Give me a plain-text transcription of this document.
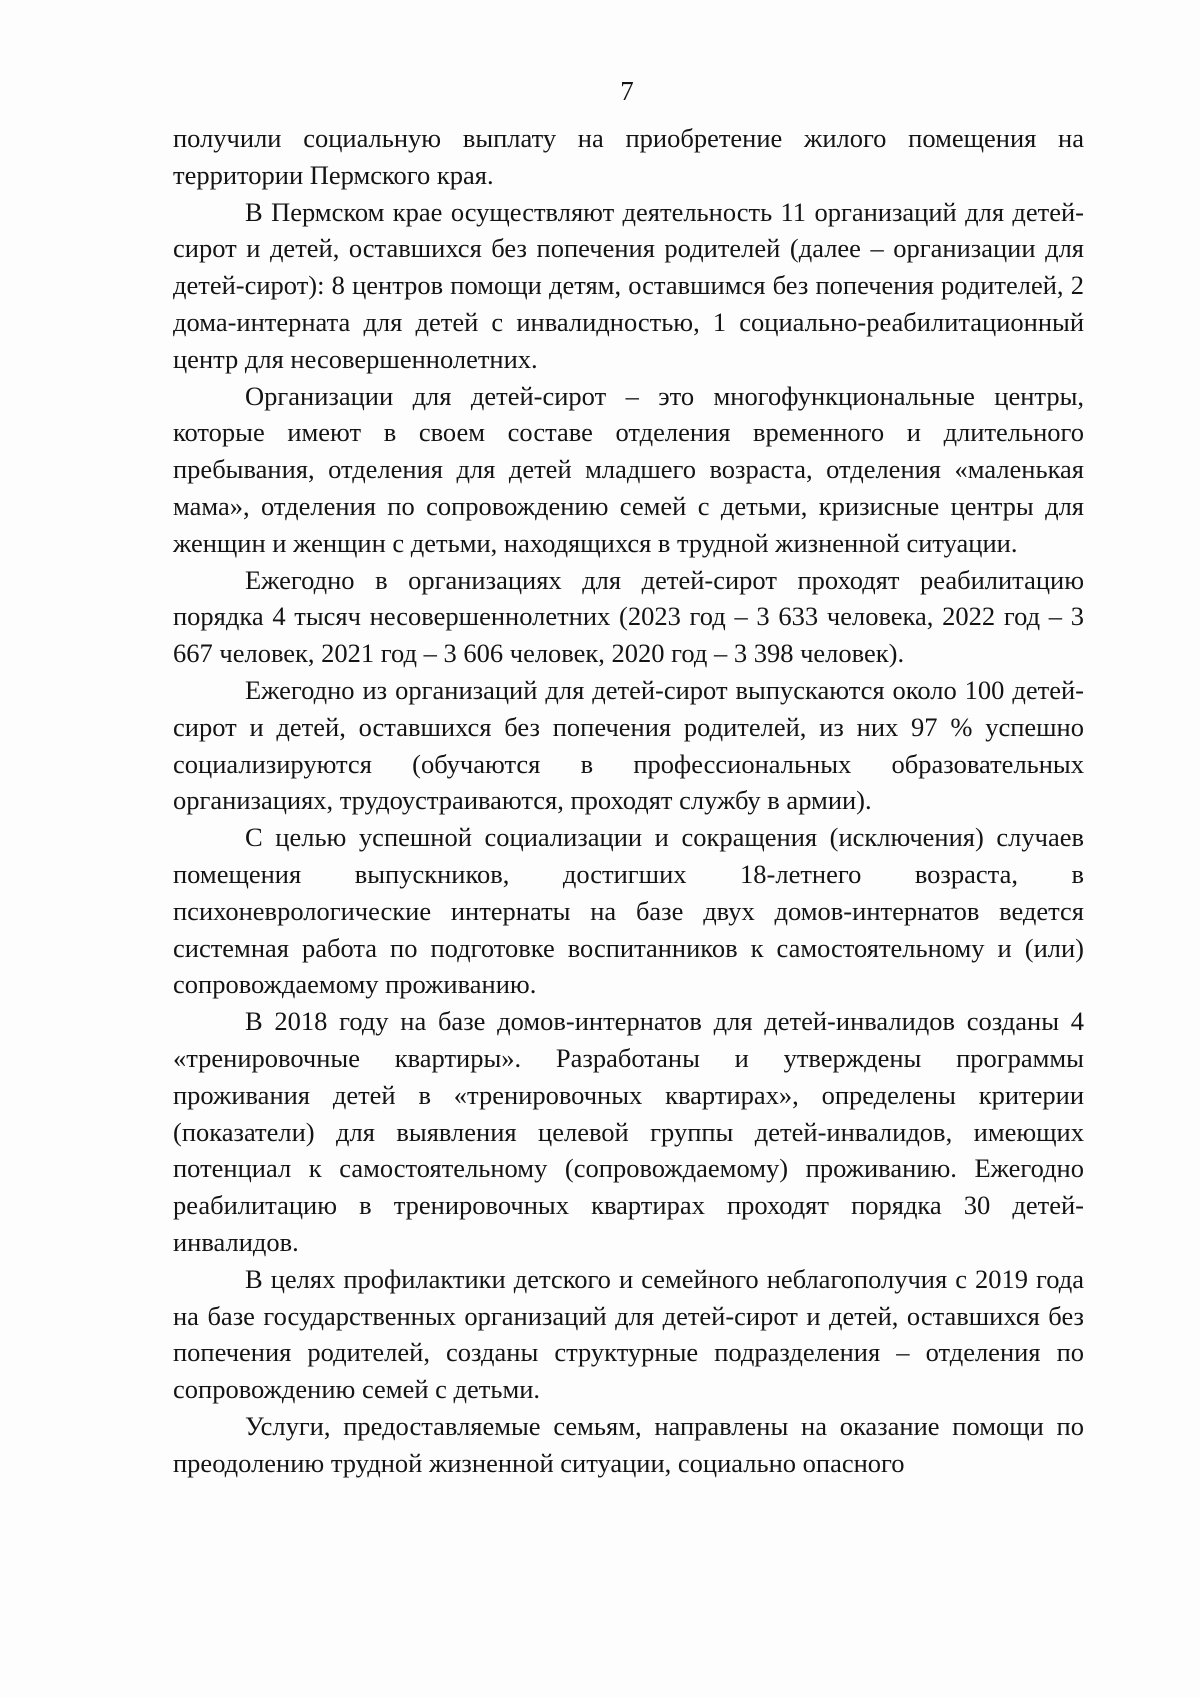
7

получили социальную выплату на приобретение жилого помещения на территории Пермского края.

В Пермском крае осуществляют деятельность 11 организаций для детей-сирот и детей, оставшихся без попечения родителей (далее – организации для детей-сирот): 8 центров помощи детям, оставшимся без попечения родителей, 2 дома-интерната для детей с инвалидностью, 1 социально-реабилитационный центр для несовершеннолетних.

Организации для детей-сирот – это многофункциональные центры, которые имеют в своем составе отделения временного и длительного пребывания, отделения для детей младшего возраста, отделения «маленькая мама», отделения по сопровождению семей с детьми, кризисные центры для женщин и женщин с детьми, находящихся в трудной жизненной ситуации.

Ежегодно в организациях для детей-сирот проходят реабилитацию порядка 4 тысяч несовершеннолетних (2023 год – 3 633 человека, 2022 год – 3 667 человек, 2021 год – 3 606 человек, 2020 год – 3 398 человек).

Ежегодно из организаций для детей-сирот выпускаются около 100 детей-сирот и детей, оставшихся без попечения родителей, из них 97 % успешно социализируются (обучаются в профессиональных образовательных организациях, трудоустраиваются, проходят службу в армии).

С целью успешной социализации и сокращения (исключения) случаев помещения выпускников, достигших 18-летнего возраста, в психоневрологические интернаты на базе двух домов-интернатов ведется системная работа по подготовке воспитанников к самостоятельному и (или) сопровождаемому проживанию.

В 2018 году на базе домов-интернатов для детей-инвалидов созданы 4 «тренировочные квартиры». Разработаны и утверждены программы проживания детей в «тренировочных квартирах», определены критерии (показатели) для выявления целевой группы детей-инвалидов, имеющих потенциал к самостоятельному (сопровождаемому) проживанию. Ежегодно реабилитацию в тренировочных квартирах проходят порядка 30 детей-инвалидов.

В целях профилактики детского и семейного неблагополучия с 2019 года на базе государственных организаций для детей-сирот и детей, оставшихся без попечения родителей, созданы структурные подразделения – отделения по сопровождению семей с детьми.

Услуги, предоставляемые семьям, направлены на оказание помощи по преодолению трудной жизненной ситуации, социально опасного
